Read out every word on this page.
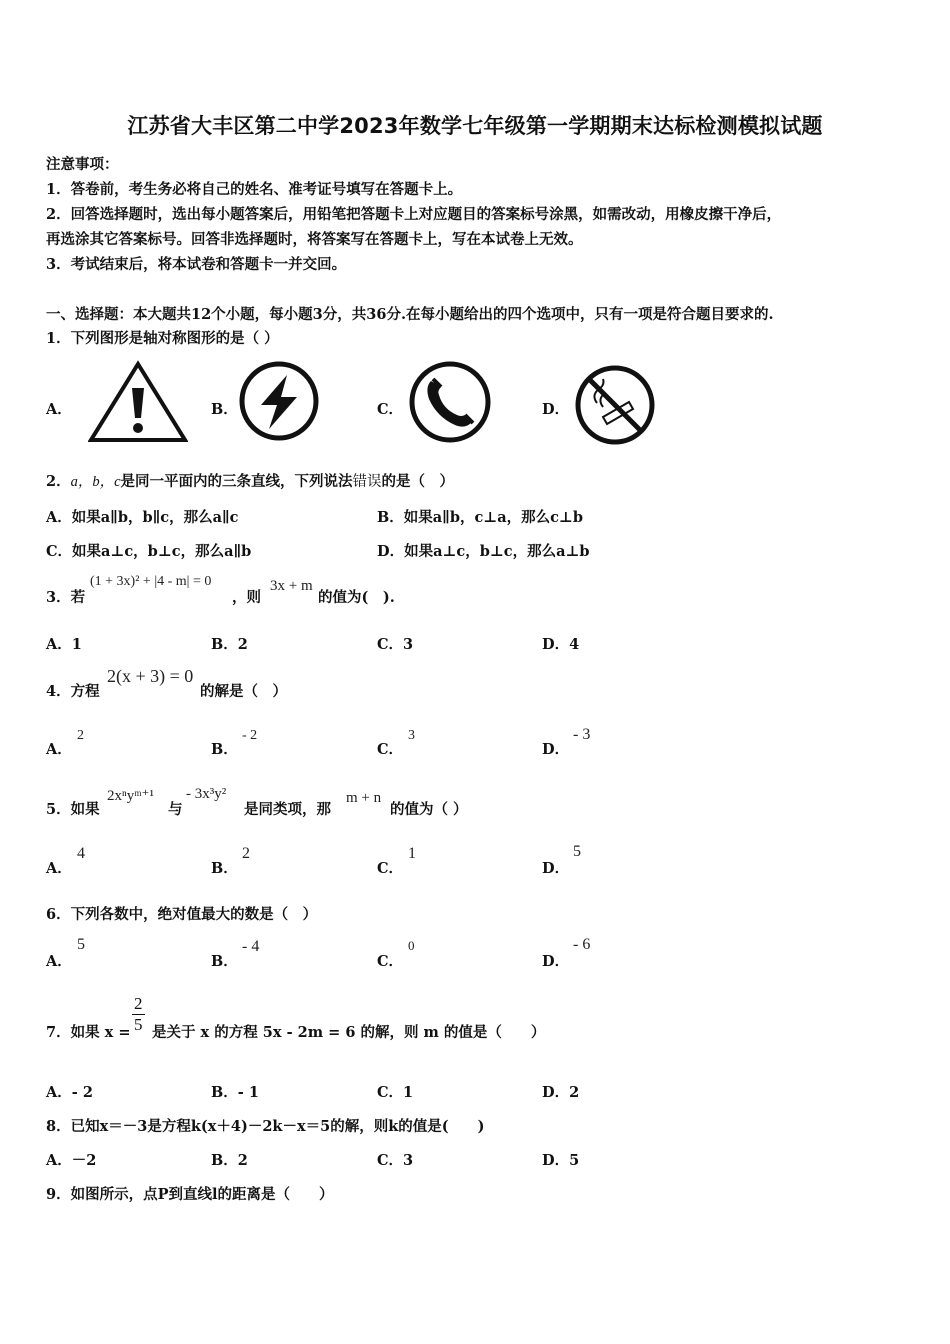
江苏省大丰区第二中学2023年数学七年级第一学期期末达标检测模拟试题
注意事项：
1．答卷前，考生务必将自己的姓名、准考证号填写在答题卡上。
2．回答选择题时，选出每小题答案后，用铅笔把答题卡上对应题目的答案标号涂黑，如需改动，用橡皮擦干净后，
再选涂其它答案标号。回答非选择题时，将答案写在答题卡上，写在本试卷上无效。
3．考试结束后，将本试卷和答题卡一并交回。
一、选择题：本大题共12个小题，每小题3分，共36分.在每小题给出的四个选项中，只有一项是符合题目要求的.
1．下列图形是轴对称图形的是（ ）
A．	B．	C．	D．
2．a，b，c是同一平面内的三条直线，下列说法错误的是（　）
A．如果a∥b，b∥c，那么a∥c	B．如果a∥b，c⊥a，那么c⊥b
C．如果a⊥c，b⊥c，那么a∥b	D．如果a⊥c，b⊥c，那么a⊥b
3．若
(1 + 3x)² + |4 - m| = 0
，则
3x + m
的值为(　).
A．1	B．2	C．3	D．4
4．方程
2(x + 3) = 0
的解是（　）
A．
2
B．
- 2
C．
3
D．
- 3
5．如果
2xⁿyᵐ⁺¹
与
- 3x³y²
是同类项，那
m + n
的值为（ ）
A．
4
B．
2
C．
1
D．
5
6．下列各数中，绝对值最大的数是（　）
A．
5
B．
- 4
C．
0
D．
- 6
7．如果 $x = \frac{2}{5}$ 是关于 x 的方程 5x - 2m = 6 的解，则 m 的值是（　　）
A．- 2	B．- 1	C．1	D．2
8．已知x＝－3是方程k(x＋4)－2k－x＝5的解，则k的值是(　　)
A．－2	B．2	C．3	D．5
9．如图所示，点P到直线l的距离是（　　）
